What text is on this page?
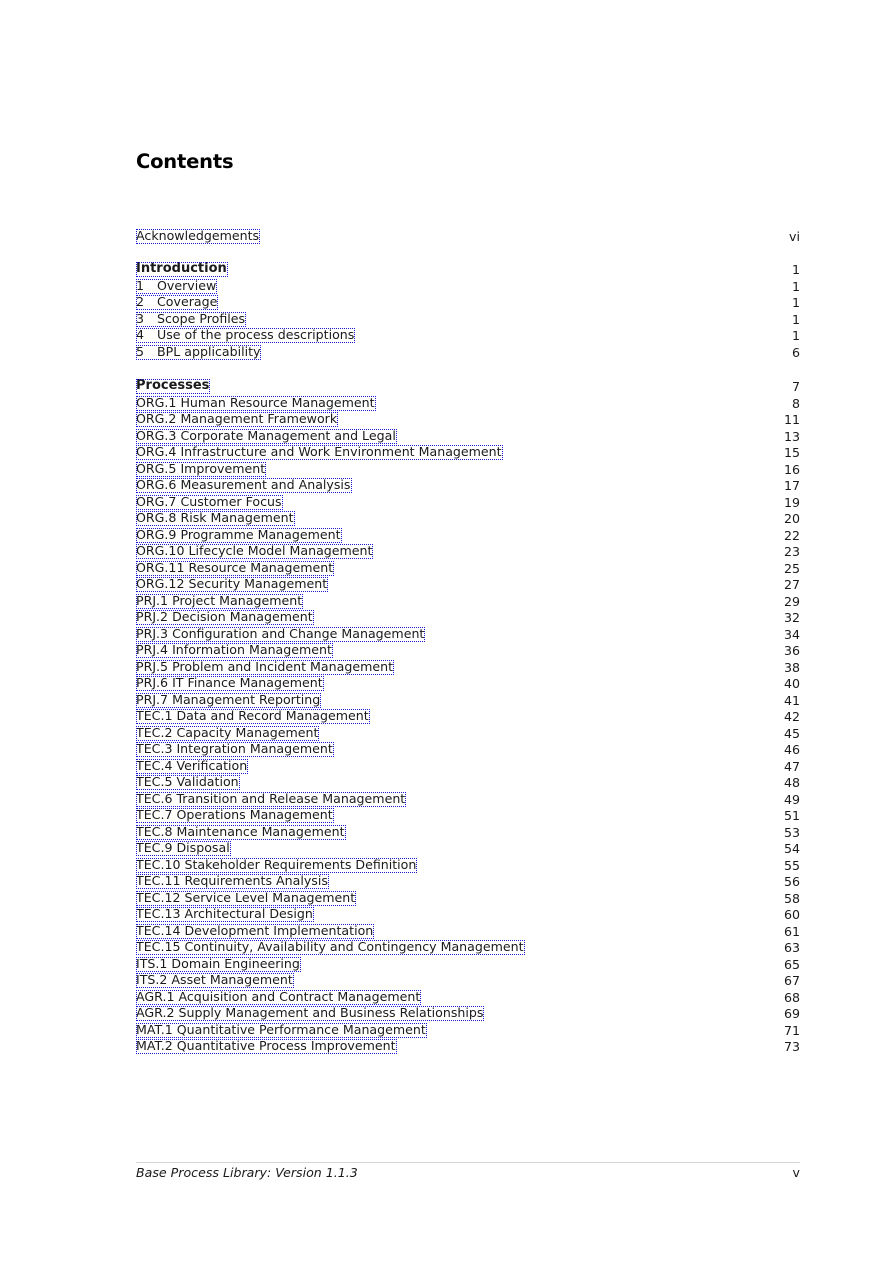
Contents
Acknowledgements	vi
Introduction	1
1 Overview	1
2 Coverage	1
3 Scope Profiles	1
4 Use of the process descriptions	1
5 BPL applicability	6
Processes	7
ORG.1 Human Resource Management	8
ORG.2 Management Framework	11
ORG.3 Corporate Management and Legal	13
ORG.4 Infrastructure and Work Environment Management	15
ORG.5 Improvement	16
ORG.6 Measurement and Analysis	17
ORG.7 Customer Focus	19
ORG.8 Risk Management	20
ORG.9 Programme Management	22
ORG.10 Lifecycle Model Management	23
ORG.11 Resource Management	25
ORG.12 Security Management	27
PRJ.1 Project Management	29
PRJ.2 Decision Management	32
PRJ.3 Configuration and Change Management	34
PRJ.4 Information Management	36
PRJ.5 Problem and Incident Management	38
PRJ.6 IT Finance Management	40
PRJ.7 Management Reporting	41
TEC.1 Data and Record Management	42
TEC.2 Capacity Management	45
TEC.3 Integration Management	46
TEC.4 Verification	47
TEC.5 Validation	48
TEC.6 Transition and Release Management	49
TEC.7 Operations Management	51
TEC.8 Maintenance Management	53
TEC.9 Disposal	54
TEC.10 Stakeholder Requirements Definition	55
TEC.11 Requirements Analysis	56
TEC.12 Service Level Management	58
TEC.13 Architectural Design	60
TEC.14 Development Implementation	61
TEC.15 Continuity, Availability and Contingency Management	63
ITS.1 Domain Engineering	65
ITS.2 Asset Management	67
AGR.1 Acquisition and Contract Management	68
AGR.2 Supply Management and Business Relationships	69
MAT.1 Quantitative Performance Management	71
MAT.2 Quantitative Process Improvement	73
Base Process Library: Version 1.1.3	v
